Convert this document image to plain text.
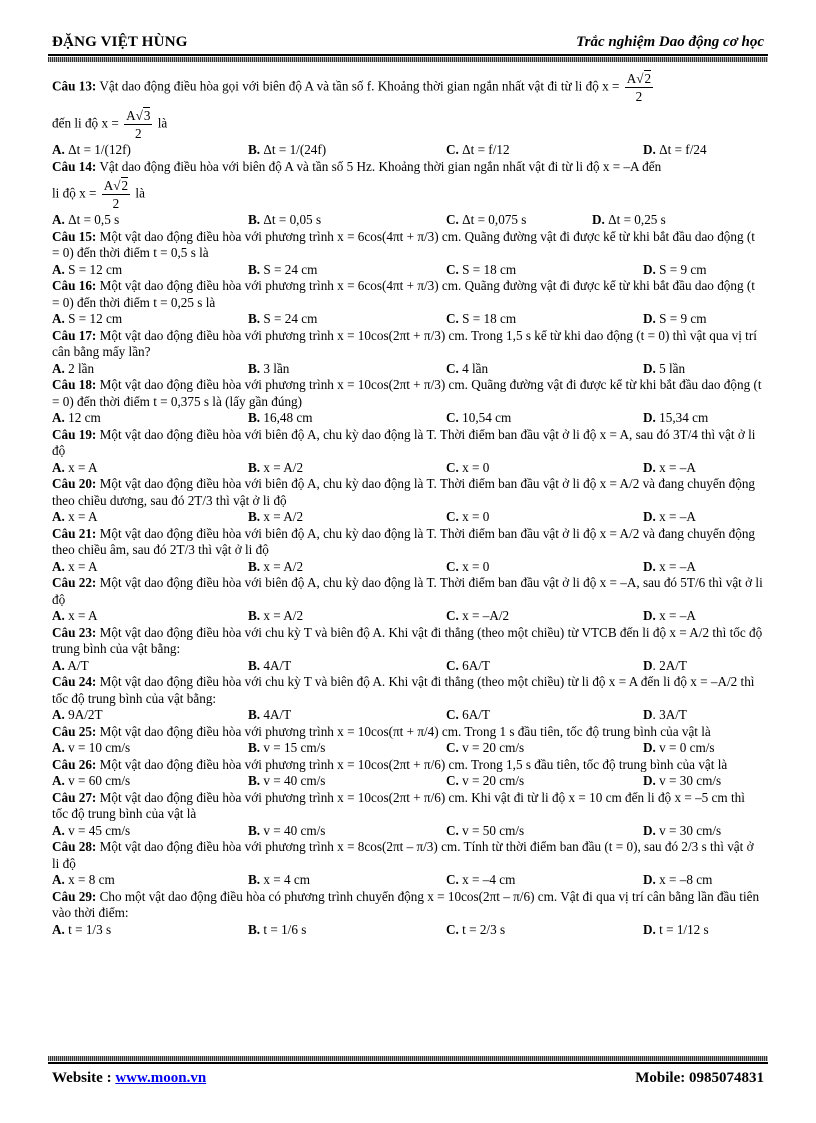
ĐẶNG VIỆT HÙNG	Trắc nghiệm Dao động cơ học
Câu 13: Vật dao động điều hòa gọi với biên độ A và tần số f. Khoảng thời gian ngắn nhất vật đi từ li độ $x = \frac{A√2}{2}$
đến li độ $x = \frac{A√3}{2}$ là
A. Δt = 1/(12f)	B. Δt = 1/(24f)	C. Δt = f/12	D. Δt = f/24
Câu 14: Vật dao động điều hòa với biên độ A và tần số 5 Hz. Khoảng thời gian ngắn nhất vật đi từ li độ x = –A đến
li độ $x = \frac{A√2}{2}$ là
A. Δt = 0,5 s	B. Δt = 0,05 s	C. Δt = 0,075 s	D. Δt = 0,25 s
Câu 15: Một vật dao động điều hòa với phương trình x = 6cos(4πt + π/3) cm. Quãng đường vật đi được kể từ khi bắt đầu dao động (t = 0) đến thời điểm t = 0,5 s là
A. S = 12 cm	B. S = 24 cm	C. S = 18 cm	D. S = 9 cm
Câu 16: Một vật dao động điều hòa với phương trình x = 6cos(4πt + π/3) cm. Quãng đường vật đi được kể từ khi bắt đầu dao động (t = 0) đến thời điểm t = 0,25 s là
A. S = 12 cm	B. S = 24 cm	C. S = 18 cm	D. S = 9 cm
Câu 17: Một vật dao động điều hòa với phương trình x = 10cos(2πt + π/3) cm. Trong 1,5 s kể từ khi dao động (t = 0) thì vật qua vị trí cân bằng mấy lần?
A. 2 lần	B. 3 lần	C. 4 lần	D. 5 lần
Câu 18: Một vật dao động điều hòa với phương trình x = 10cos(2πt + π/3) cm. Quãng đường vật đi được kể từ khi bắt đầu dao động (t = 0) đến thời điểm t = 0,375 s là (lấy gần đúng)
A. 12 cm	B. 16,48 cm	C. 10,54 cm	D. 15,34 cm
Câu 19: Một vật dao động điều hòa với biên độ A, chu kỳ dao động là T. Thời điểm ban đầu vật ở li độ x = A, sau đó 3T/4 thì vật ở li độ
A. x = A	B. x = A/2	C. x = 0	D. x = –A
Câu 20: Một vật dao động điều hòa với biên độ A, chu kỳ dao động là T. Thời điểm ban đầu vật ở li độ x = A/2 và đang chuyển động theo chiều dương, sau đó 2T/3 thì vật ở li độ
A. x = A	B. x = A/2	C. x = 0	D. x = –A
Câu 21: Một vật dao động điều hòa với biên độ A, chu kỳ dao động là T. Thời điểm ban đầu vật ở li độ x = A/2 và đang chuyển động theo chiều âm, sau đó 2T/3 thì vật ở li độ
A. x = A	B. x = A/2	C. x = 0	D. x = –A
Câu 22: Một vật dao động điều hòa với biên độ A, chu kỳ dao động là T. Thời điểm ban đầu vật ở li độ x = –A, sau đó 5T/6 thì vật ở li độ
A. x = A	B. x = A/2	C. x = –A/2	D. x = –A
Câu 23: Một vật dao động điều hòa với chu kỳ T và biên độ A. Khi vật đi thẳng (theo một chiều) từ VTCB đến li độ x = A/2 thì tốc độ trung bình của vật bằng:
A. A/T	B. 4A/T	C. 6A/T	D. 2A/T
Câu 24: Một vật dao động điều hòa với chu kỳ T và biên độ A. Khi vật đi thẳng (theo một chiều) từ li độ x = A đến li độ x = –A/2 thì tốc độ trung bình của vật bằng:
A. 9A/2T	B. 4A/T	C. 6A/T	D. 3A/T
Câu 25: Một vật dao động điều hòa với phương trình x = 10cos(πt + π/4) cm. Trong 1 s đầu tiên, tốc độ trung bình của vật là
A. v = 10 cm/s	B. v = 15 cm/s	C. v = 20 cm/s	D. v = 0 cm/s
Câu 26: Một vật dao động điều hòa với phương trình x = 10cos(2πt + π/6) cm. Trong 1,5 s đầu tiên, tốc độ trung bình của vật là
A. v = 60 cm/s	B. v = 40 cm/s	C. v = 20 cm/s	D. v = 30 cm/s
Câu 27: Một vật dao động điều hòa với phương trình x = 10cos(2πt + π/6) cm. Khi vật đi từ li độ x = 10 cm đến li độ x = –5 cm thì tốc độ trung bình của vật là
A. v = 45 cm/s	B. v = 40 cm/s	C. v = 50 cm/s	D. v = 30 cm/s
Câu 28: Một vật dao động điều hòa với phương trình x = 8cos(2πt – π/3) cm. Tính từ thời điểm ban đầu (t = 0), sau đó 2/3 s thì vật ở li độ
A. x = 8 cm	B. x = 4 cm	C. x = –4 cm	D. x = –8 cm
Câu 29: Cho một vật dao động điều hòa có phương trình chuyển động x = 10cos(2πt – π/6) cm. Vật đi qua vị trí cân bằng lần đầu tiên vào thời điểm:
A. t = 1/3 s	B. t = 1/6 s	C. t = 2/3 s	D. t = 1/12 s
Website : www.moon.vn	Mobile: 0985074831
